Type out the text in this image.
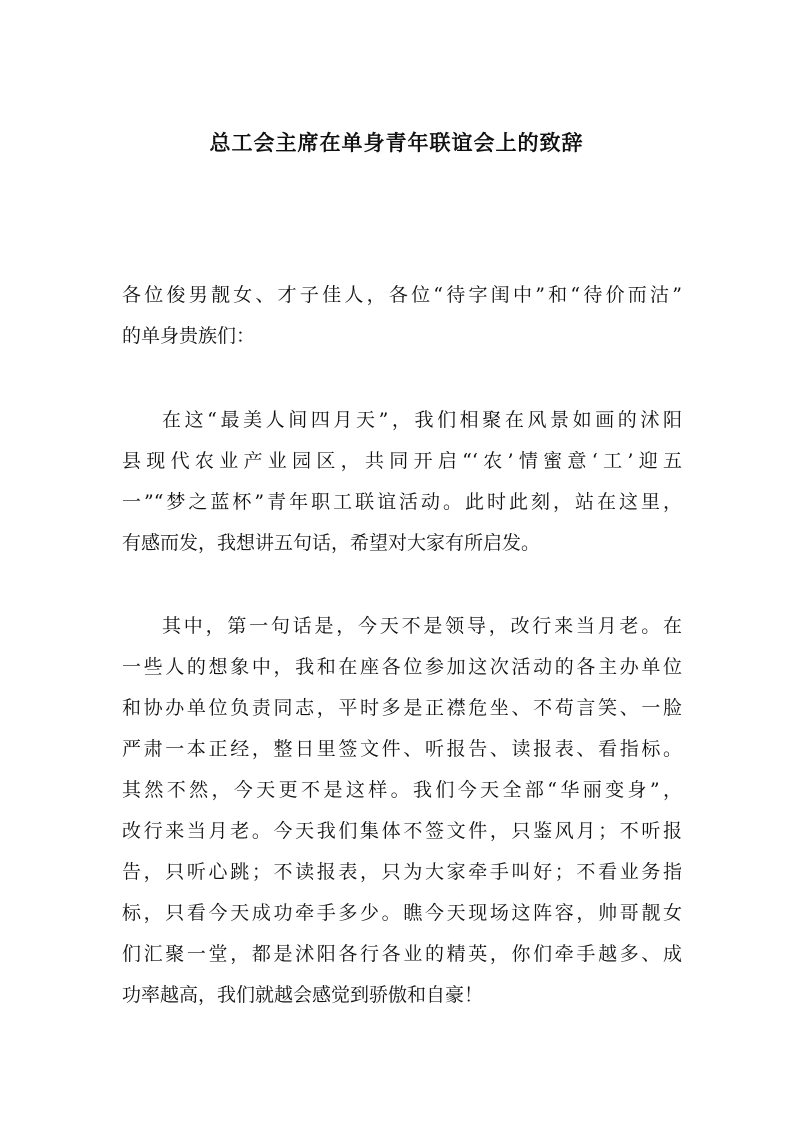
总工会主席在单身青年联谊会上的致辞
各位俊男靓女、才子佳人，各位“待字闺中”和“待价而沽”
的单身贵族们：
在这“最美人间四月天”，我们相聚在风景如画的沭阳
县现代农业产业园区，共同开启“‘农’情蜜意‘工’迎五
一”“梦之蓝杯”青年职工联谊活动。此时此刻，站在这里，
有感而发，我想讲五句话，希望对大家有所启发。
其中，第一句话是，今天不是领导，改行来当月老。在
一些人的想象中，我和在座各位参加这次活动的各主办单位
和协办单位负责同志，平时多是正襟危坐、不苟言笑、一脸
严肃一本正经，整日里签文件、听报告、读报表、看指标。
其然不然，今天更不是这样。我们今天全部“华丽变身”，
改行来当月老。今天我们集体不签文件，只鉴风月；不听报
告，只听心跳；不读报表，只为大家牵手叫好；不看业务指
标，只看今天成功牵手多少。瞧今天现场这阵容，帅哥靓女
们汇聚一堂，都是沭阳各行各业的精英，你们牵手越多、成
功率越高，我们就越会感觉到骄傲和自豪！
